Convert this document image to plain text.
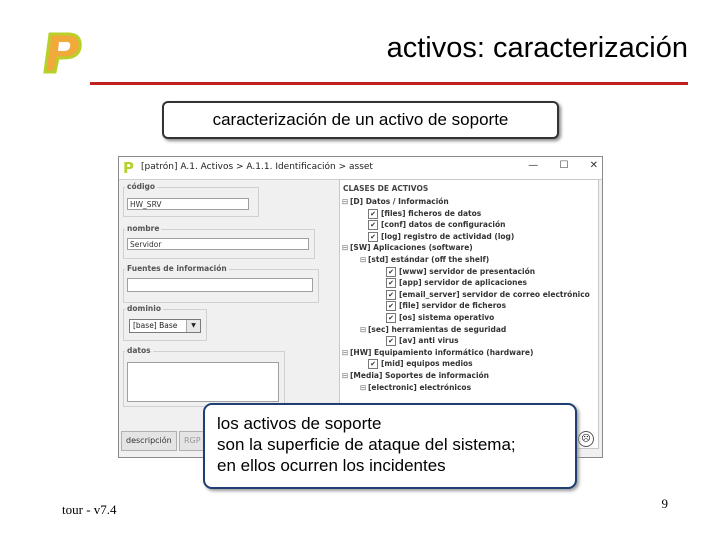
activos: caracterización
caracterización de un activo de soporte
P [patrón] A.1. Activos > A.1.1. Identificación > asset	— ☐ ✕
código
HW_SRV
nombre
Servidor
Fuentes de información
dominio
[base] Base	▼
datos
CLASES DE ACTIVOS
⊟ [D] Datos / Información
✔ [files] ficheros de datos
✔ [conf] datos de configuración
✔ [log] registro de actividad (log)
⊟ [SW] Aplicaciones (software)
⊟ [std] estándar (off the shelf)
✔ [www] servidor de presentación
✔ [app] servidor de aplicaciones
✔ [email_server] servidor de correo electrónico
✔ [file] servidor de ficheros
✔ [os] sistema operativo
⊟ [sec] herramientas de seguridad
✔ [av] anti virus
⊟ [HW] Equipamiento informático (hardware)
✔ [mid] equipos medios
⊟ [Media] Soportes de información
⊟ [electronic] electrónicos
descripción	RGP	☹
los activos de soporte
son la superficie de ataque del sistema;
en ellos ocurren los incidentes
tour - v7.4	9
